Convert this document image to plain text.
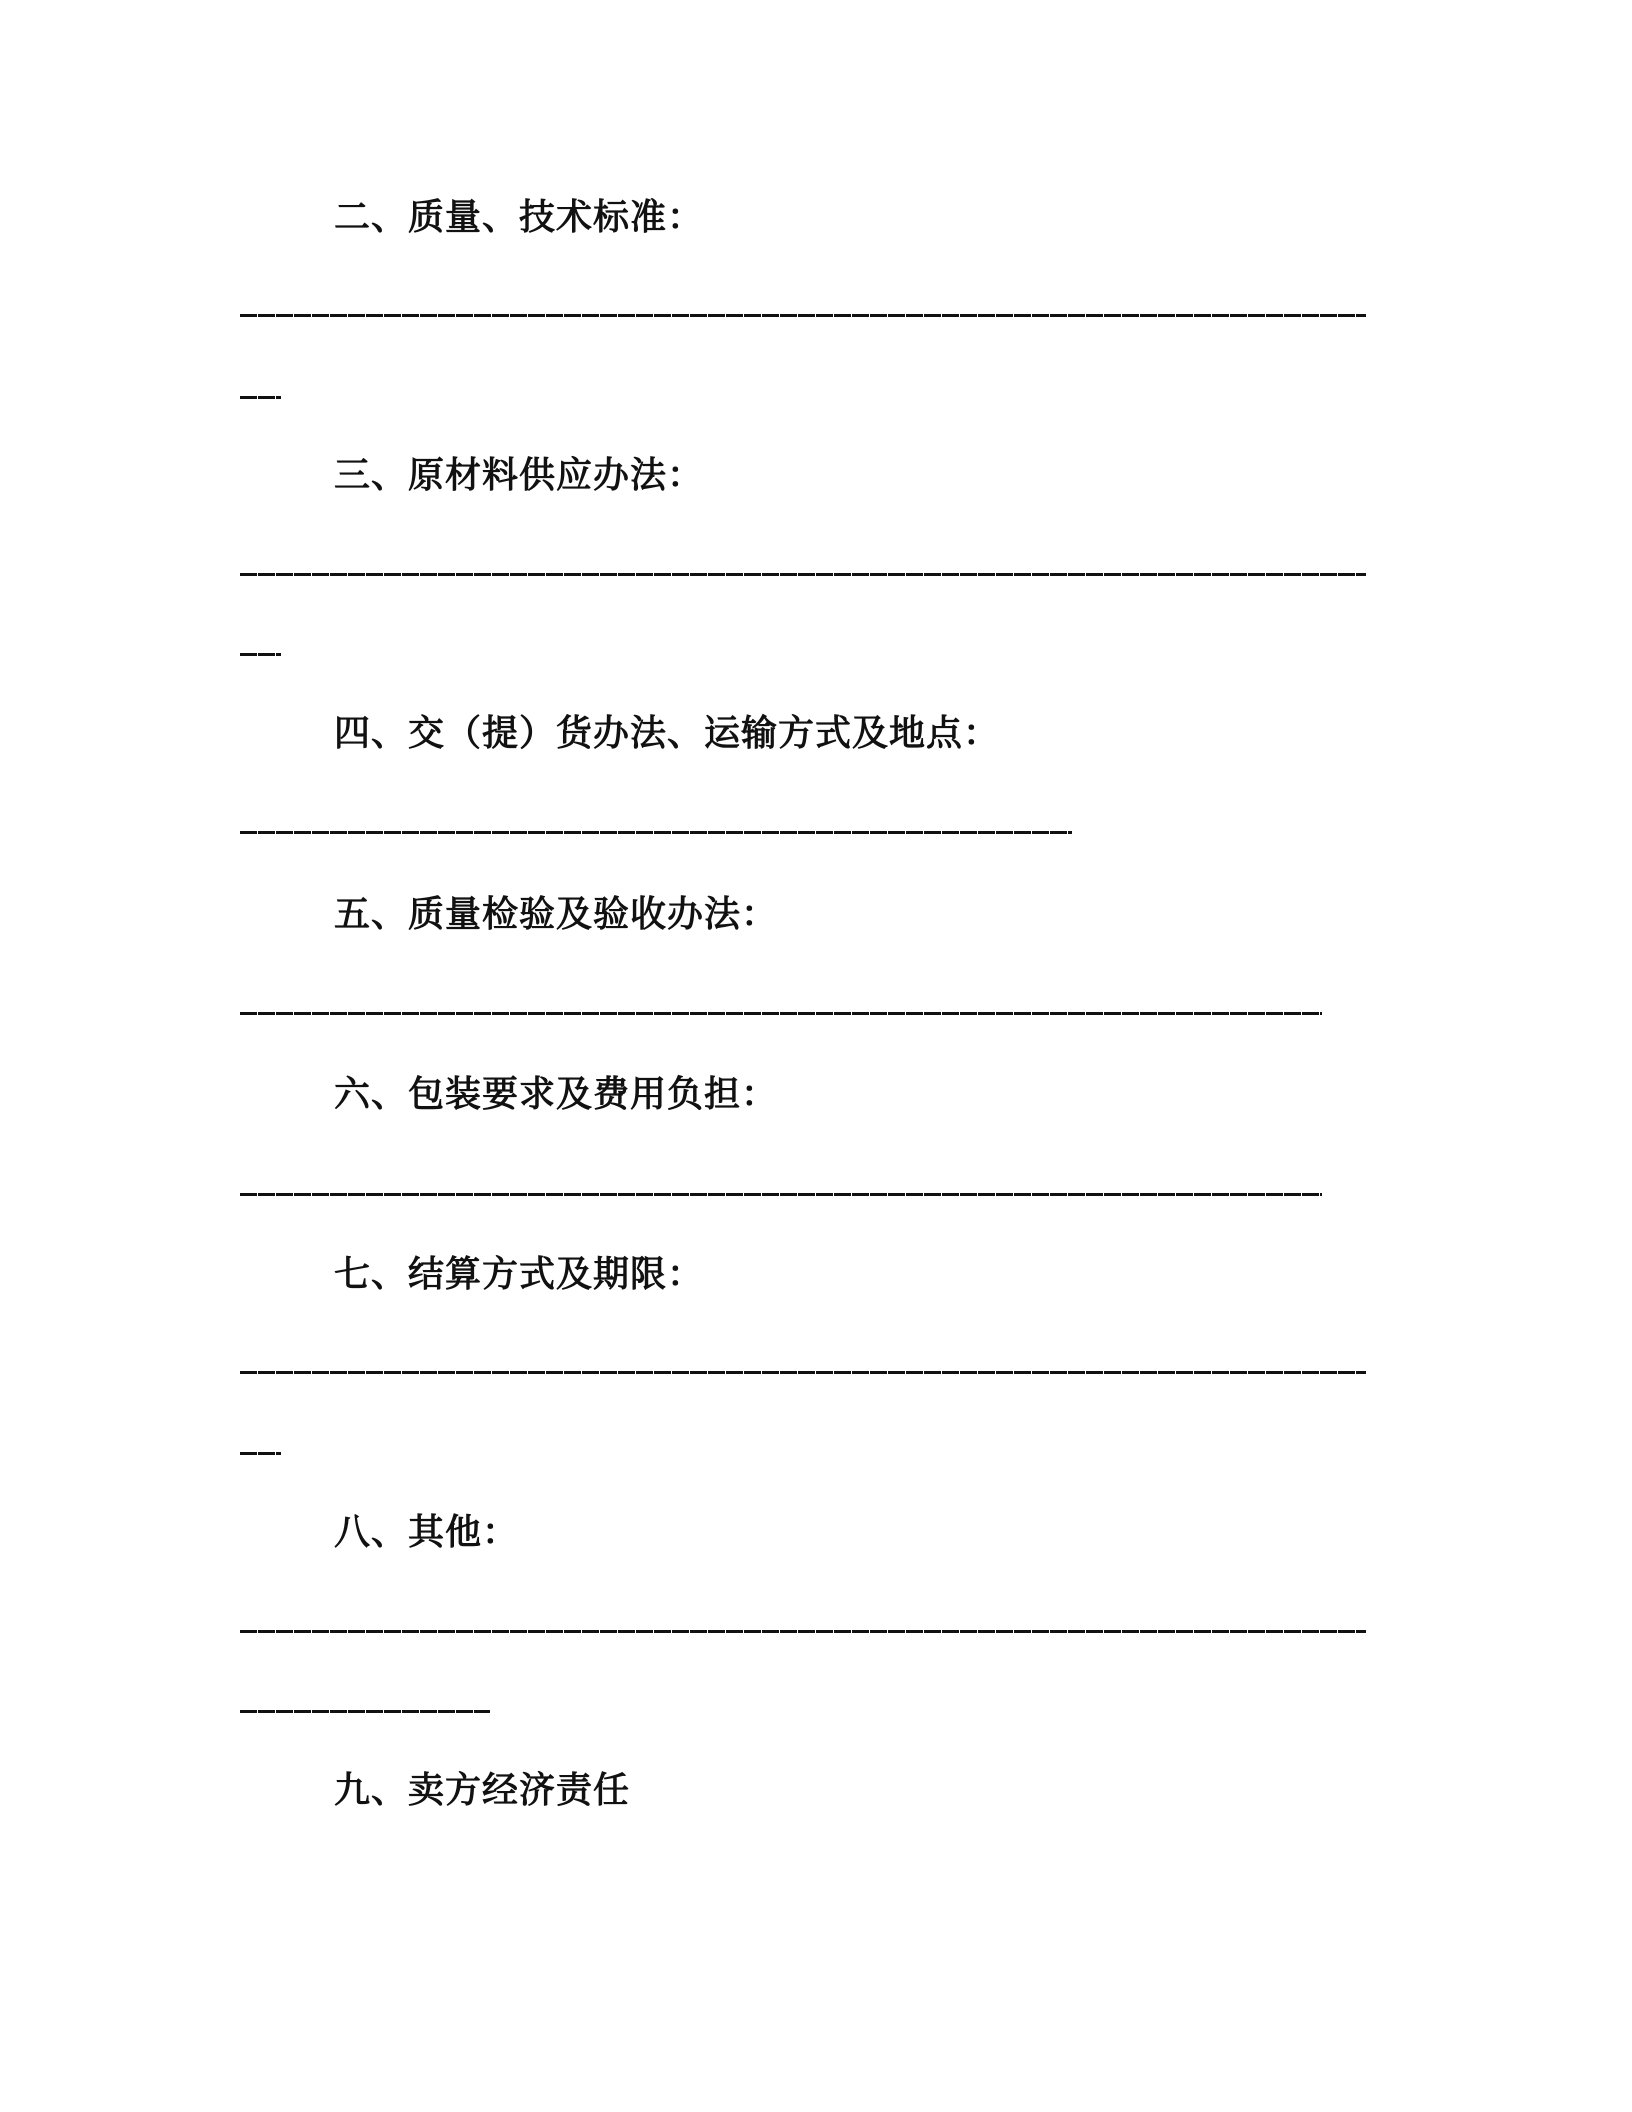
二、质量、技术标准：
三、原材料供应办法：
四、交（提）货办法、运输方式及地点：
五、质量检验及验收办法：
六、包装要求及费用负担：
七、结算方式及期限：
八、其他：
九、卖方经济责任
